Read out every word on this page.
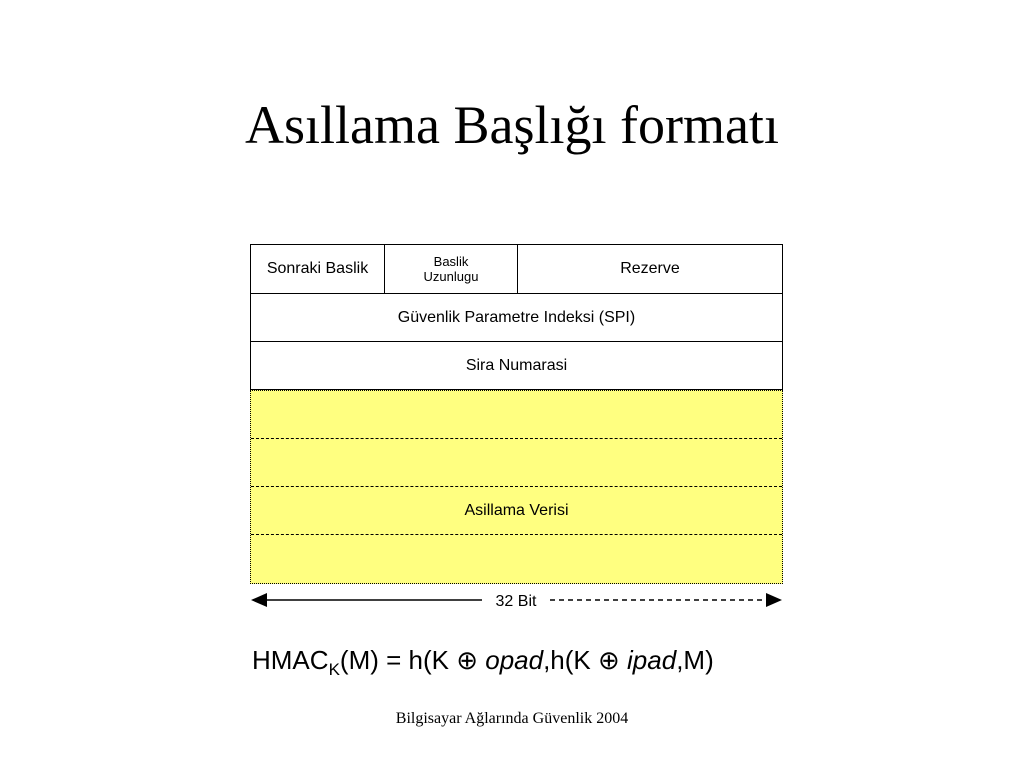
Asıllama Başlığı formatı
Sonraki Baslik	Baslik
Uzunlugu	Rezerve
Güvenlik Parametre Indeksi (SPI)
Sira Numarasi
Asillama Verisi
32 Bit
$HMAC_K(M) = h(K$ ⊕ opad,h(K ⊕ ipad,M)
Bilgisayar Ağlarında Güvenlik 2004
